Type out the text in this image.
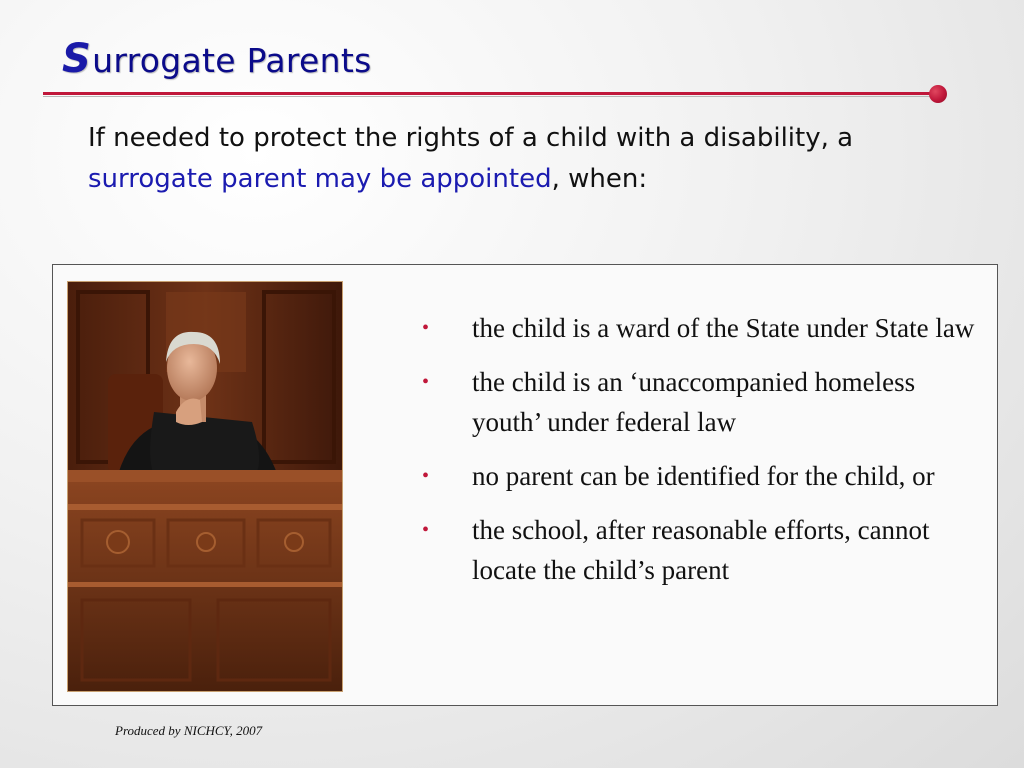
Surrogate Parents

If needed to protect the rights of a child with a disability, a surrogate parent may be appointed, when:

• the child is a ward of the State under State law
• the child is an ‘unaccompanied homeless youth’ under federal law
• no parent can be identified for the child, or
• the school, after reasonable efforts, cannot locate the child’s parent

Produced by NICHCY, 2007
